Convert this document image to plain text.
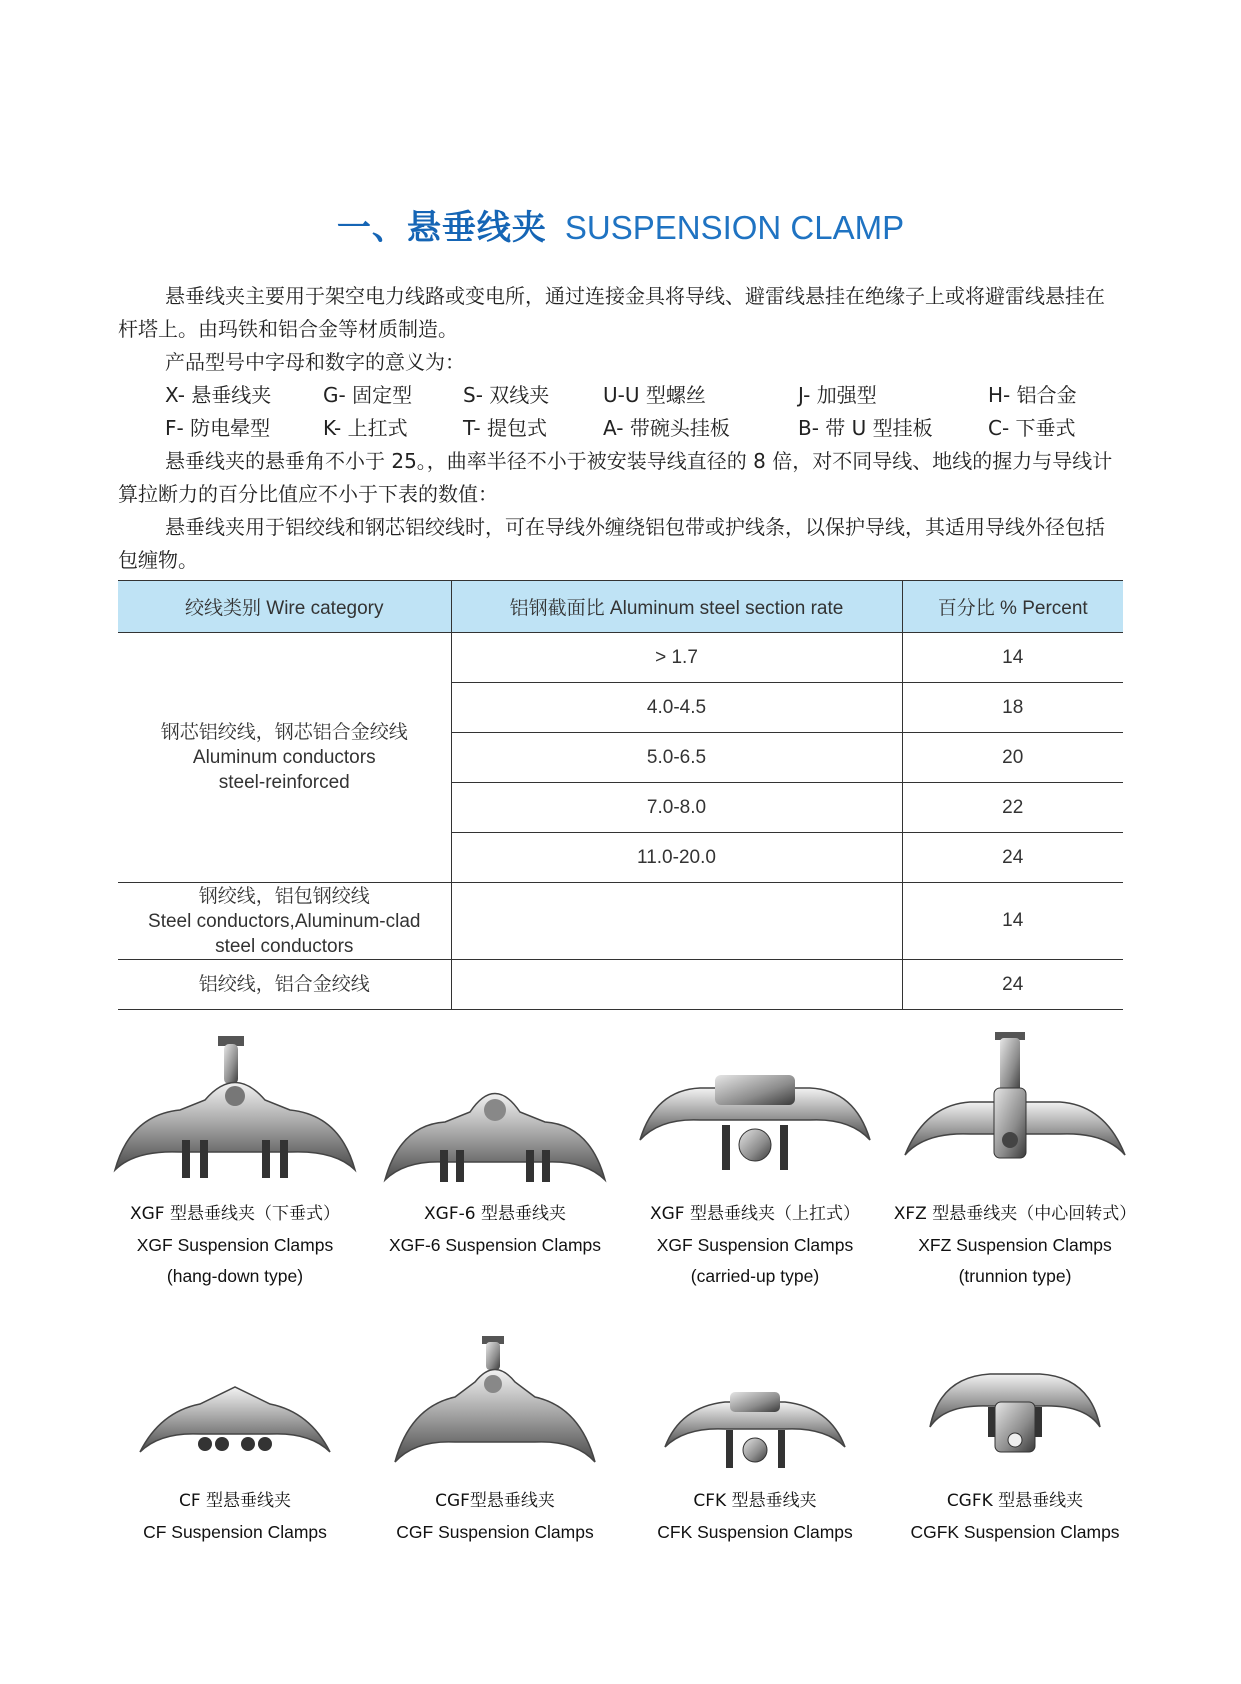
一、悬垂线夹 SUSPENSION CLAMP

悬垂线夹主要用于架空电力线路或变电所，通过连接金具将导线、避雷线悬挂在绝缘子上或将避雷线悬挂在杆塔上。由玛铁和铝合金等材质制造。

产品型号中字母和数字的意义为：

X- 悬垂线夹	G- 固定型	S- 双线夹	U-U 型螺丝	J- 加强型	H- 铝合金
F- 防电晕型	K- 上扛式	T- 提包式	A- 带碗头挂板	B- 带 U 型挂板	C- 下垂式

悬垂线夹的悬垂角不小于 25。，曲率半径不小于被安装导线直径的 8 倍，对不同导线、地线的握力与导线计算拉断力的百分比值应不小于下表的数值：

悬垂线夹用于铝绞线和钢芯铝绞线时，可在导线外缠绕铝包带或护线条，以保护导线，其适用导线外径包括包缠物。

绞线类别 Wire category	铝钢截面比 Aluminum steel section rate	百分比 % Percent

钢芯铝绞线，钢芯铝合金绞线
Aluminum conductors
steel-reinforced	> 1.7	14
	4.0-4.5	18
	5.0-6.5	20
	7.0-8.0	22
	11.0-20.0	24

钢绞线，铝包钢绞线
Steel conductors,Aluminum-clad
steel conductors		14
铝绞线，铝合金绞线		24
XGF 型悬垂线夹（下垂式）
XGF Suspension Clamps
(hang-down type)
XGF-6 型悬垂线夹
XGF-6 Suspension Clamps
XGF 型悬垂线夹（上扛式）
XGF Suspension Clamps
(carried-up type)
XFZ 型悬垂线夹（中心回转式）
XFZ Suspension Clamps
(trunnion type)
CF 型悬垂线夹
CF Suspension Clamps
CGF型悬垂线夹
CGF Suspension Clamps
CFK 型悬垂线夹
CFK Suspension Clamps
CGFK 型悬垂线夹
CGFK Suspension Clamps
